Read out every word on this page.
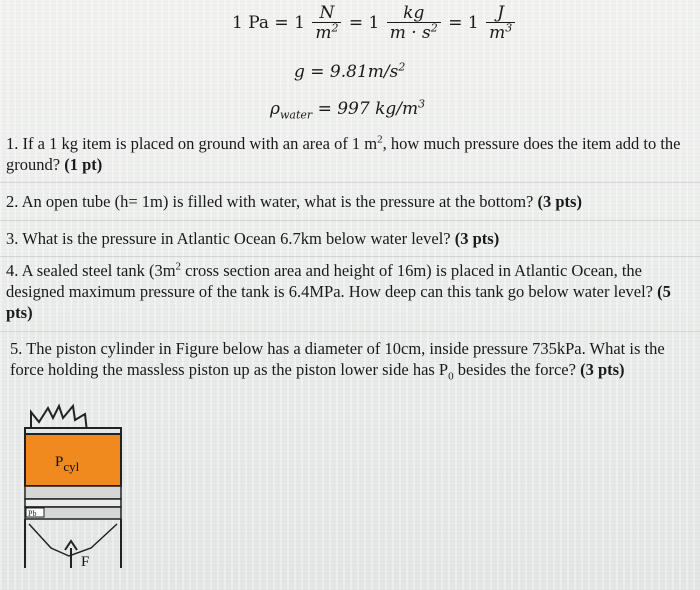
1 $Pa = 1 \frac{N}{m^2} = 1 \frac{kg}{m \cdot s^2} = 1 \frac{J}{m^3}$
$g = 9.81m/s^2$
$\rho_{water} = 997$ $kg/m^3$
1. If a 1 kg item is placed on ground with an area of 1 $m^2$, how much pressure does the item add to the ground? (1 pt)
2. An open tube (h= 1m) is filled with water, what is the pressure at the bottom? (3 pts)
3. What is the pressure in Atlantic Ocean 6.7km below water level? (3 pts)
4. A sealed steel tank ($3m^2$ cross section area and height of 16m) is placed in Atlantic Ocean, the designed maximum pressure of the tank is 6.4MPa. How deep can this tank go below water level? (5 pts)
5. The piston cylinder in Figure below has a diameter of 10cm, inside pressure 735kPa. What is the force holding the massless piston up as the piston lower side has $P_0$ besides the force? (3 pts)
Pb
Pcyl
F
